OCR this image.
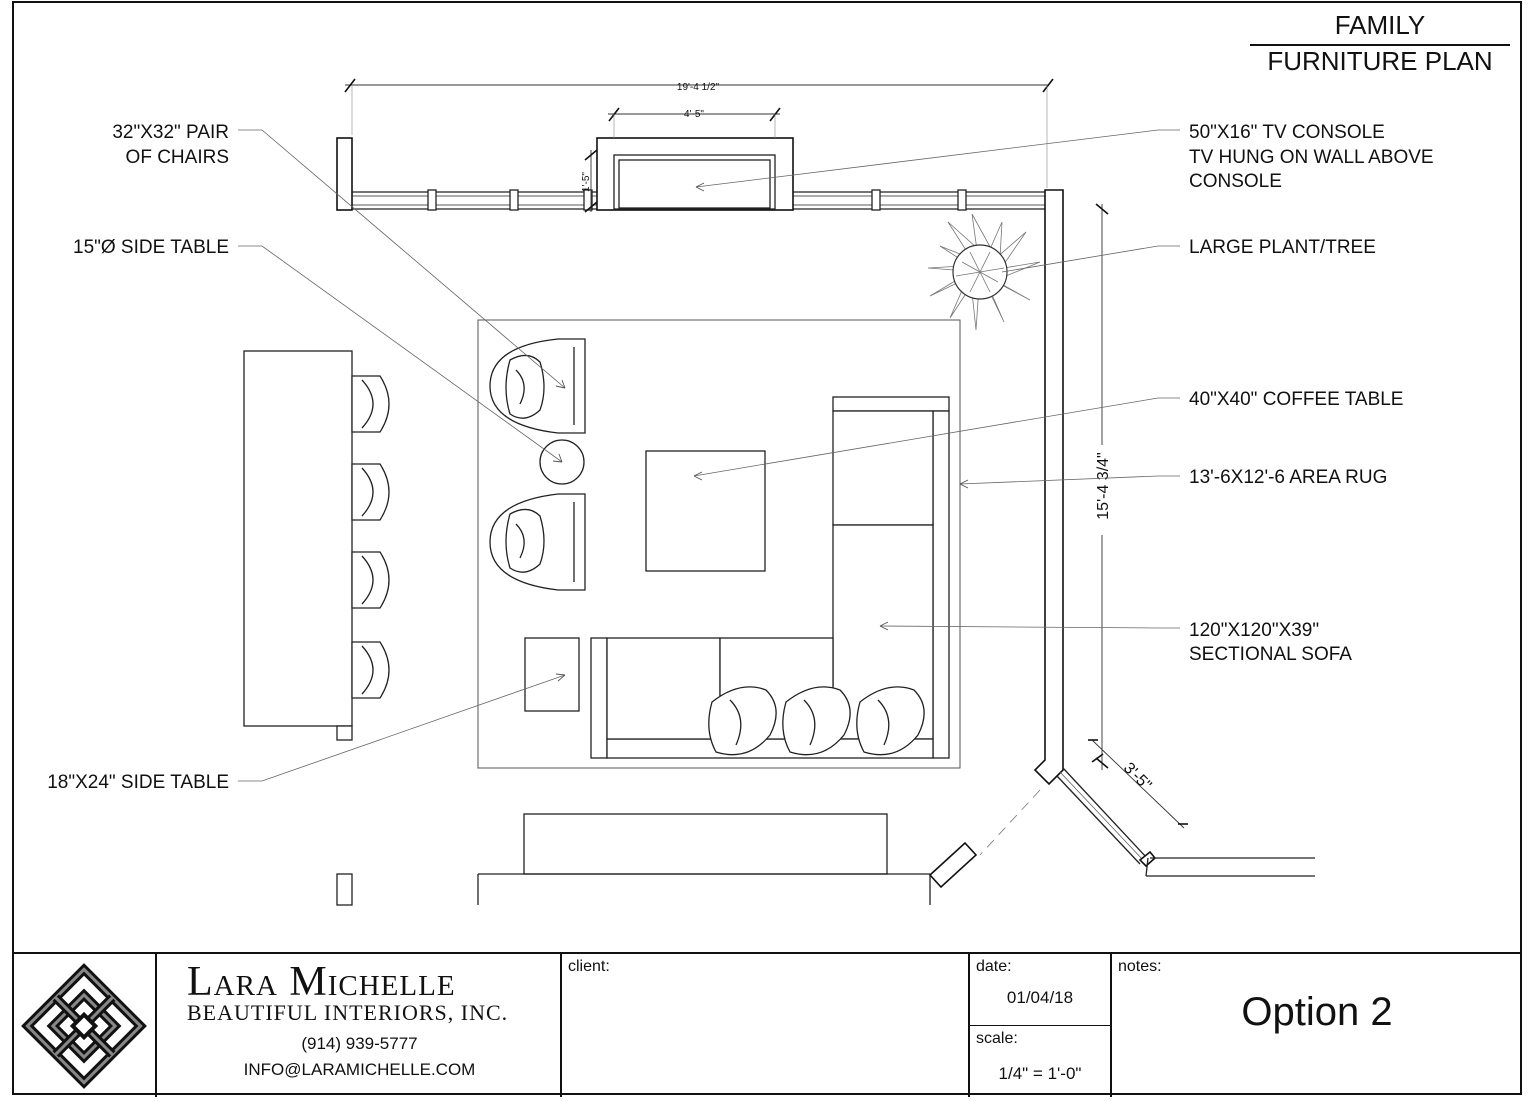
FAMILY
FURNITURE PLAN
19'-4 1/2"
4'-5"
1'-5"
15'-4 3/4"
3'-5"
32"X32" PAIR
OF CHAIRS
15"Ø SIDE TABLE
18"X24" SIDE TABLE
50"X16" TV CONSOLE
TV HUNG ON WALL ABOVE
CONSOLE
LARGE PLANT/TREE
40"X40" COFFEE TABLE
13'-6X12'-6 AREA RUG
120"X120"X39"
SECTIONAL SOFA
Lara Michelle
BEAUTIFUL INTERIORS, INC.
(914) 939-5777
INFO@LARAMICHELLE.COM
client:	date:
01/04/18
scale:
1/4" = 1'-0"
notes:
Option 2
